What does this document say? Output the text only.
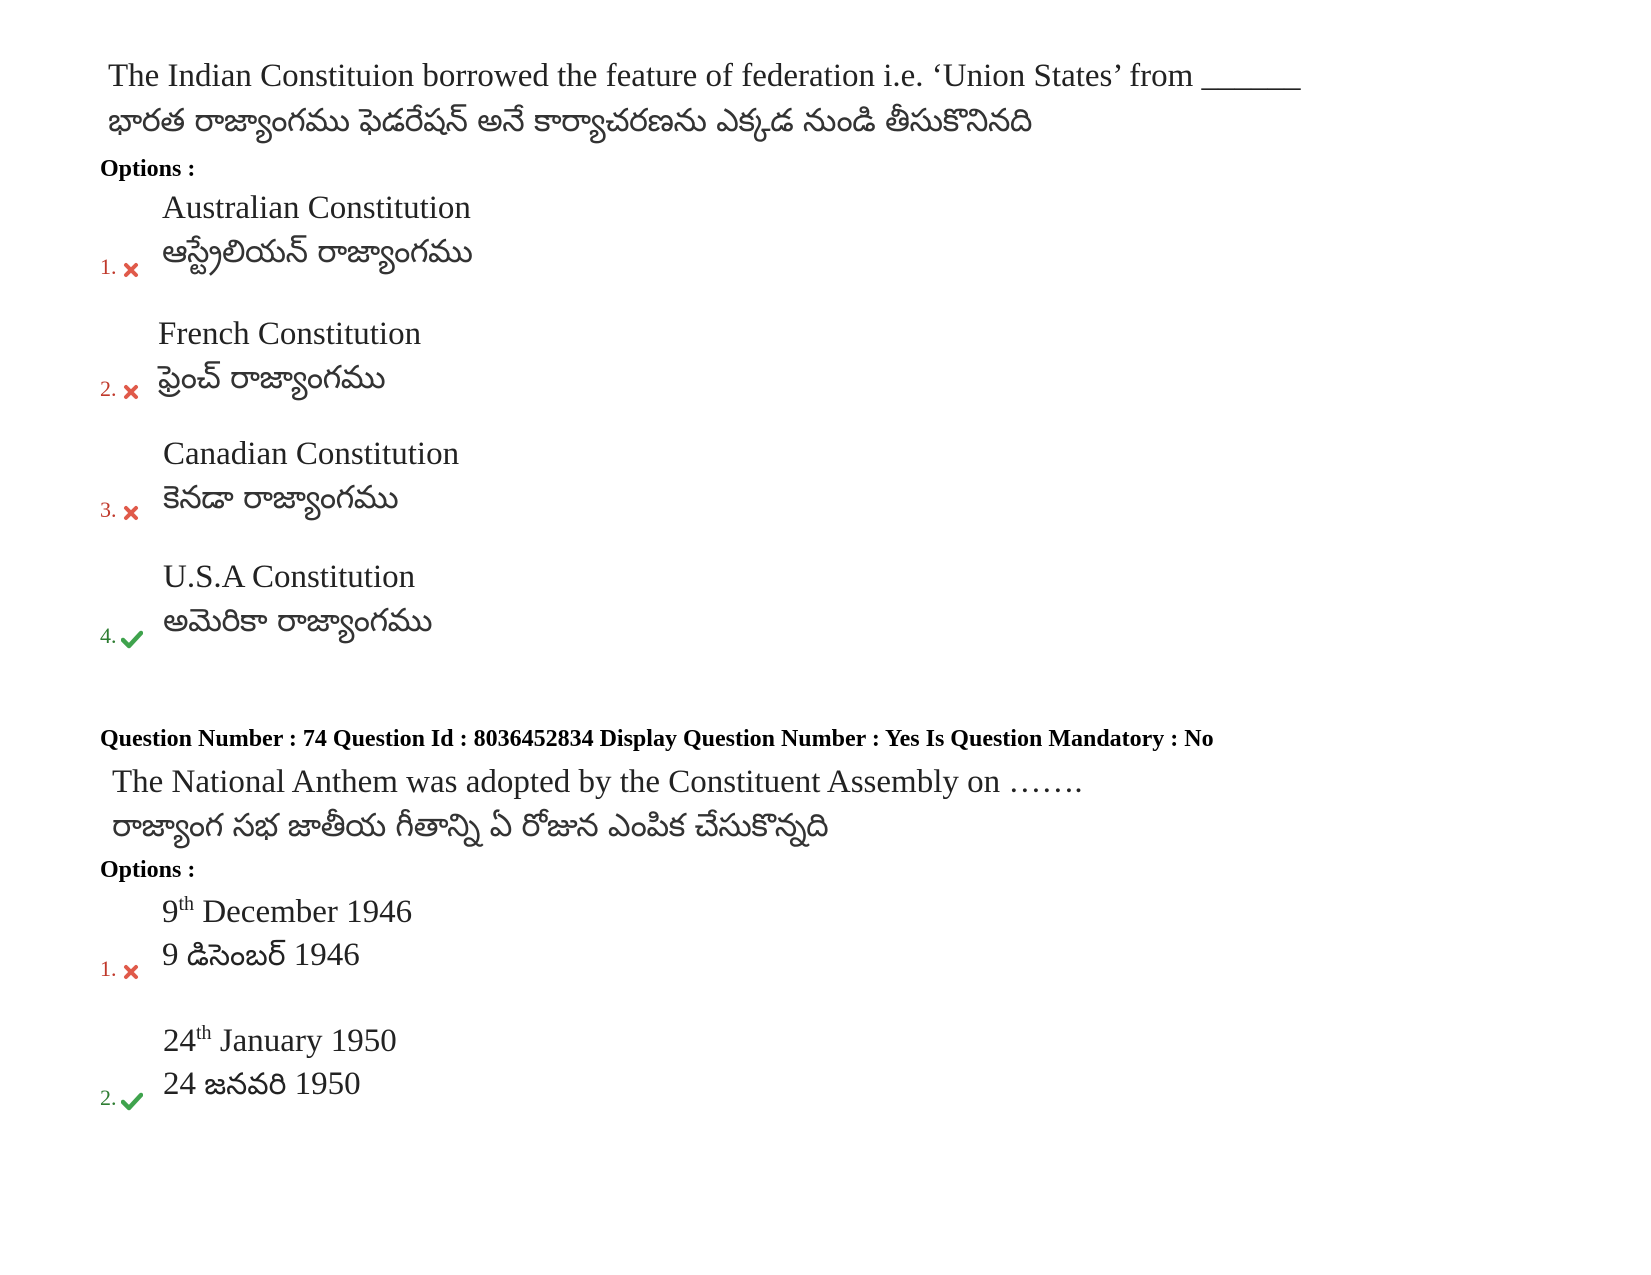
The Indian Constituion borrowed the feature of federation i.e. ‘Union States’ from ______
భారత రాజ్యాంగము ఫెడరేషన్ అనే కార్యాచరణను ఎక్కడ నుండి తీసుకొనినది
Options :
Australian Constitution
ఆస్ట్రేలియన్ రాజ్యాంగము
1.
French Constitution
ఫ్రెంచ్ రాజ్యాంగము
2.
Canadian Constitution
కెనడా రాజ్యాంగము
3.
U.S.A Constitution
అమెరికా రాజ్యాంగము
4.
Question Number : 74 Question Id : 8036452834 Display Question Number : Yes Is Question Mandatory : No
The National Anthem was adopted by the Constituent Assembly on …….
రాజ్యాంగ సభ జాతీయ గీతాన్ని ఏ రోజున ఎంపిక చేసుకొన్నది
Options :
9th December 1946
9 డిసెంబర్ 1946
1.
24th January 1950
24 జనవరి 1950
2.
